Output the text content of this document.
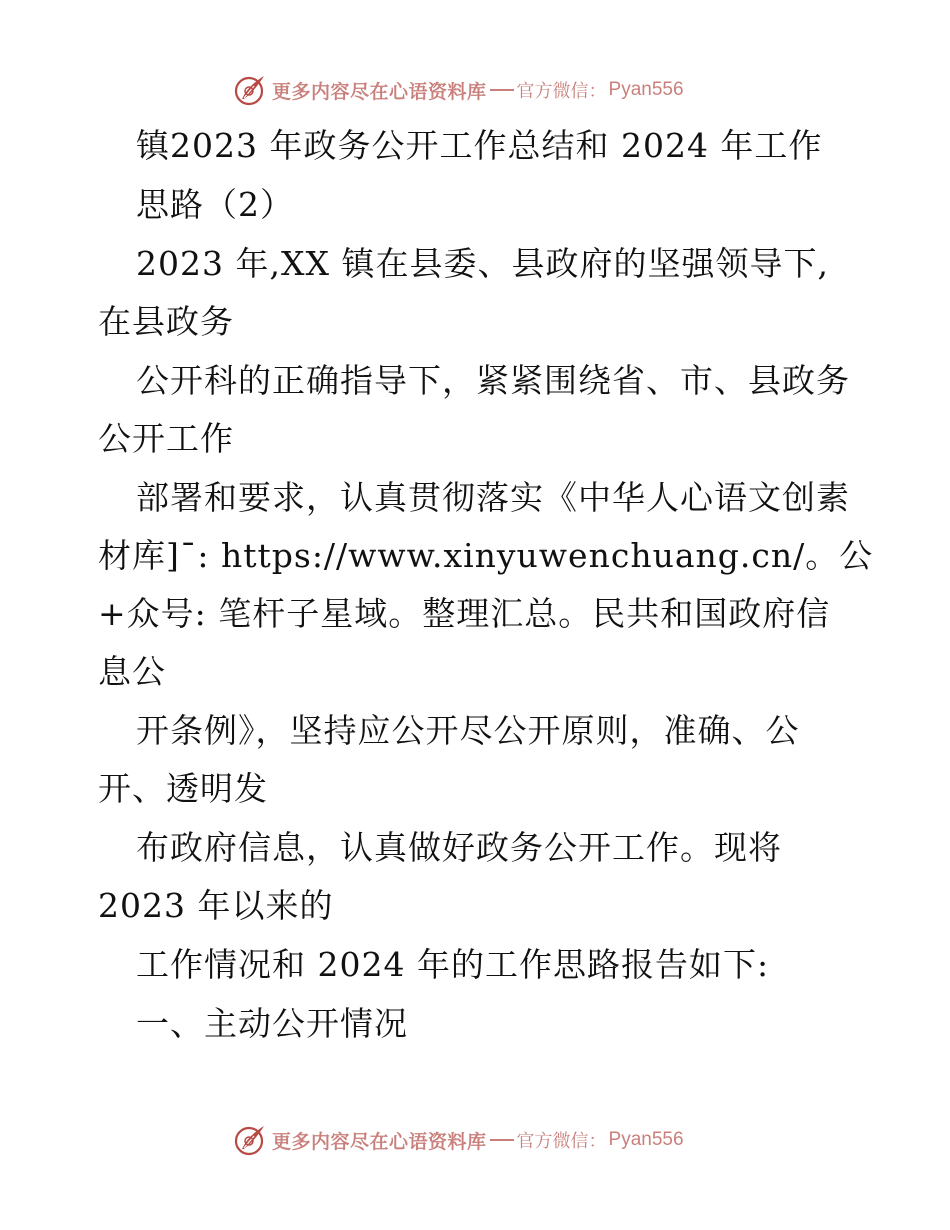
更多内容尽在心语资料库 官方微信： Pyan556
镇2023 年政务公开工作总结和 2024 年工作
思路（2）
2023 年,XX 镇在县委、县政府的坚强领导下,
在县政务
公开科的正确指导下，紧紧围绕省、市、县政务
公开工作
部署和要求，认真贯彻落实《中华人心语文创素
材库]¯: https://www.xinyuwenchuang.cn/。公
+众号: 笔杆子星域。整理汇总。民共和国政府信
息公
开条例》，坚持应公开尽公开原则，准确、公
开、透明发
布政府信息，认真做好政务公开工作。现将
2023 年以来的
工作情况和 2024 年的工作思路报告如下:
一、主动公开情况
更多内容尽在心语资料库 官方微信： Pyan556
